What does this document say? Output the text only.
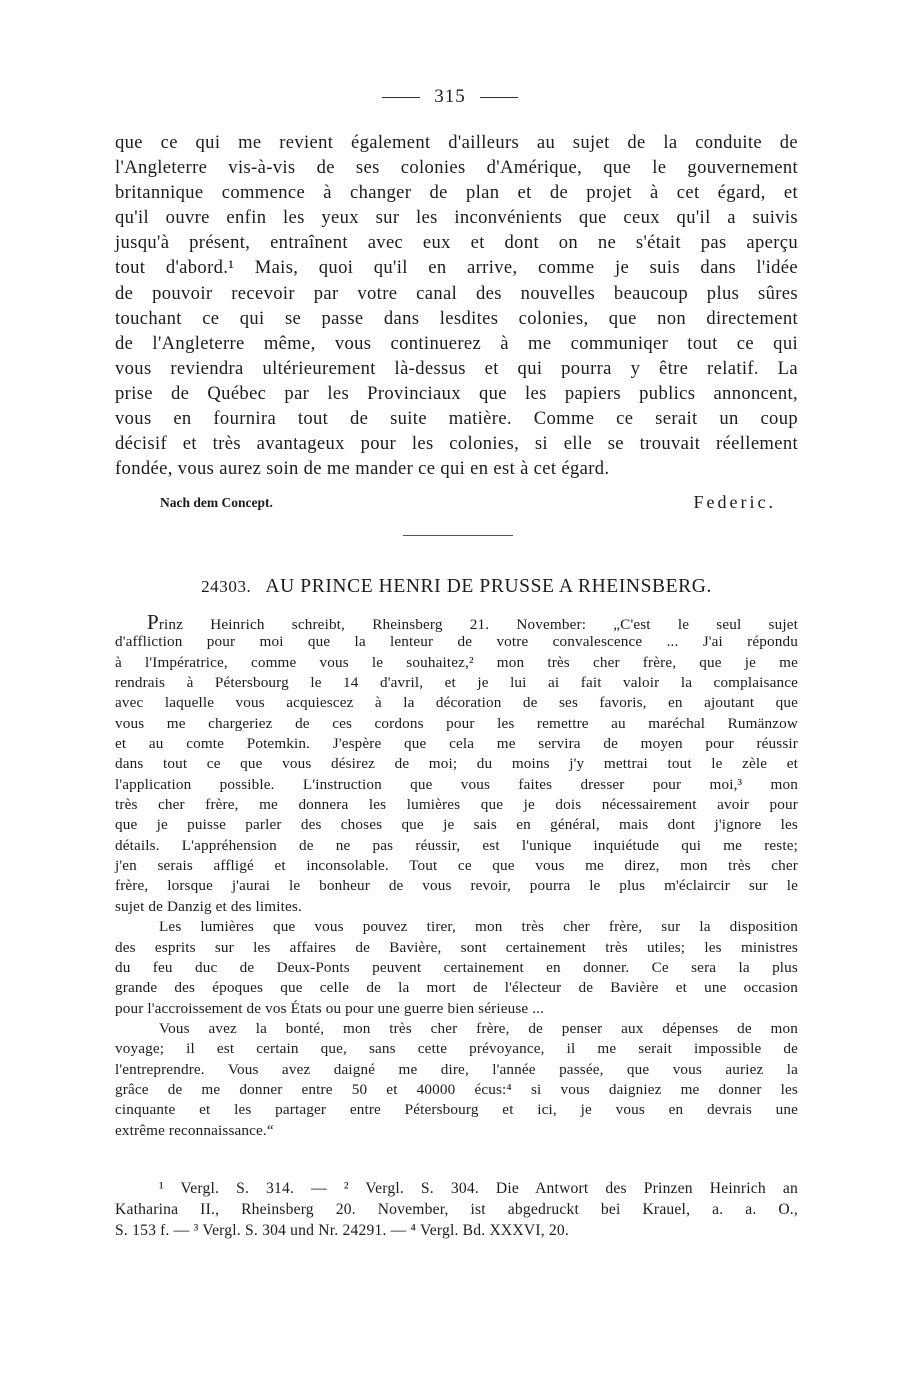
315
que ce qui me revient également d'ailleurs au sujet de la conduite de
l'Angleterre vis-à-vis de ses colonies d'Amérique, que le gouvernement
britannique commence à changer de plan et de projet à cet égard, et
qu'il ouvre enfin les yeux sur les inconvénients que ceux qu'il a suivis
jusqu'à présent, entraînent avec eux et dont on ne s'était pas aperçu
tout d'abord.¹ Mais, quoi qu'il en arrive, comme je suis dans l'idée
de pouvoir recevoir par votre canal des nouvelles beaucoup plus sûres
touchant ce qui se passe dans lesdites colonies, que non directement
de l'Angleterre même, vous continuerez à me communiqer tout ce qui
vous reviendra ultérieurement là-dessus et qui pourra y être relatif. La
prise de Québec par les Provinciaux que les papiers publics annoncent,
vous en fournira tout de suite matière. Comme ce serait un coup
décisif et très avantageux pour les colonies, si elle se trouvait réellement
fondée, vous aurez soin de me mander ce qui en est à cet égard.
Nach dem Concept.	Federic.
24303. AU PRINCE HENRI DE PRUSSE A RHEINSBERG.
Prinz Heinrich schreibt, Rheinsberg 21. November: „C'est le seul sujet
d'affliction pour moi que la lenteur de votre convalescence ... J'ai répondu
à l'Impératrice, comme vous le souhaitez,² mon très cher frère, que je me
rendrais à Pétersbourg le 14 d'avril, et je lui ai fait valoir la complaisance
avec laquelle vous acquiescez à la décoration de ses favoris, en ajoutant que
vous me chargeriez de ces cordons pour les remettre au maréchal Rumänzow
et au comte Potemkin. J'espère que cela me servira de moyen pour réussir
dans tout ce que vous désirez de moi; du moins j'y mettrai tout le zèle et
l'application possible. L'instruction que vous faites dresser pour moi,³ mon
très cher frère, me donnera les lumières que je dois nécessairement avoir pour
que je puisse parler des choses que je sais en général, mais dont j'ignore les
détails. L'appréhension de ne pas réussir, est l'unique inquiétude qui me reste;
j'en serais affligé et inconsolable. Tout ce que vous me direz, mon très cher
frère, lorsque j'aurai le bonheur de vous revoir, pourra le plus m'éclaircir sur le
sujet de Danzig et des limites.
Les lumières que vous pouvez tirer, mon très cher frère, sur la disposition
des esprits sur les affaires de Bavière, sont certainement très utiles; les ministres
du feu duc de Deux-Ponts peuvent certainement en donner. Ce sera la plus
grande des époques que celle de la mort de l'électeur de Bavière et une occasion
pour l'accroissement de vos États ou pour une guerre bien sérieuse ...
Vous avez la bonté, mon très cher frère, de penser aux dépenses de mon
voyage; il est certain que, sans cette prévoyance, il me serait impossible de
l'entreprendre. Vous avez daigné me dire, l'année passée, que vous auriez la
grâce de me donner entre 50 et 40000 écus:⁴ si vous daigniez me donner les
cinquante et les partager entre Pétersbourg et ici, je vous en devrais une
extrême reconnaissance.“
¹ Vergl. S. 314. — ² Vergl. S. 304. Die Antwort des Prinzen Heinrich an
Katharina II., Rheinsberg 20. November, ist abgedruckt bei Krauel, a. a. O.,
S. 153 f. — ³ Vergl. S. 304 und Nr. 24291. — ⁴ Vergl. Bd. XXXVI, 20.
